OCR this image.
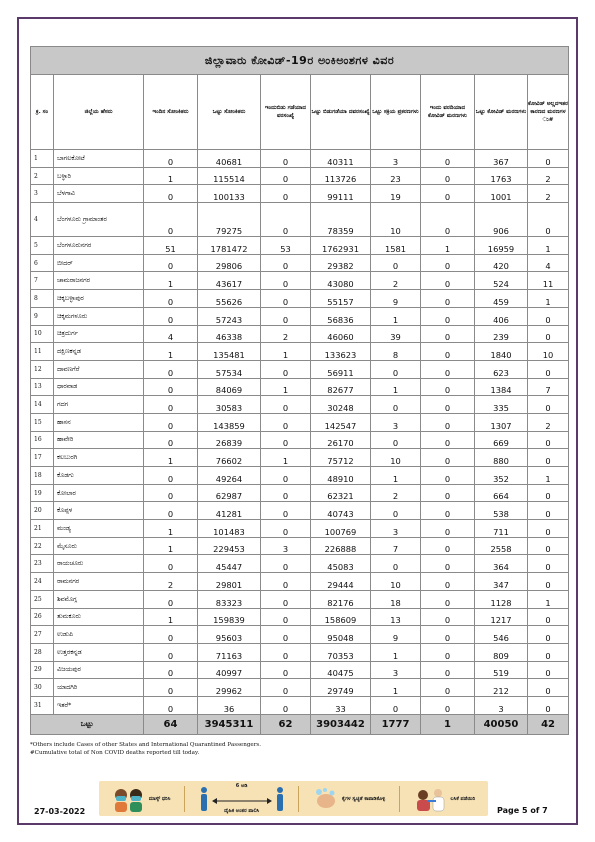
ಜಿಲ್ಲಾವಾರು ಕೋವಿಡ್-19ರ ಅಂಕಿಅಂಶಗಳ ವಿವರ									
ಕ್ರ. ಸಂ	ಜಿಲ್ಲೆಯ ಹೆಸರು	ಇಂದಿನ ಸೋಂಕಿತರು	ಒಟ್ಟು ಸೋಂಕಿತರು	ಇಂದುಬಿಡು ಗಡೆಯಾದ ವರಸಂಖ್ಯೆ	ಒಟ್ಟು ಬಿಡುಗಡೆಯಾ ದವರಸಂಖ್ಯೆ	ಒಟ್ಟು ಸಕ್ರಿಯ ಪ್ರಕರಣಗಳು	ಇಂದು ವರದಿಯಾದ ಕೋವಿಡ್ ಮರಣಗಳು	ಒಟ್ಟು ಕೋವಿಡ್ ಮರಣಗಳು	ಕೋವಿಡ್ ಅಲ್ಲದಇತರ ಕಾರಣದ ಮರಣಗಳ ು#
1	ಬಾಗಲಕೋಟೆ	0	40681	0	40311	3	0	367	0
2	ಬಳ್ಳಾರಿ	1	115514	0	113726	23	0	1763	2
3	ಬೆಳಗಾವಿ	0	100133	0	99111	19	0	1001	2
4	ಬೆಂಗಳೂರು ಗ್ರಾಮಾಂತರ	0	79275	0	78359	10	0	906	0
5	ಬೆಂಗಳೂರುನಗರ	51	1781472	53	1762931	1581	1	16959	1
6	ಬೀದರ್	0	29806	0	29382	0	0	420	4
7	ಚಾಮರಾಜನಗರ	1	43617	0	43080	2	0	524	11
8	ಚಿಕ್ಕಬಳ್ಳಾಪುರ	0	55626	0	55157	9	0	459	1
9	ಚಿಕ್ಕಮಗಳೂರು	0	57243	0	56836	1	0	406	0
10	ಚಿತ್ರದುರ್ಗ	4	46338	2	46060	39	0	239	0
11	ದಕ್ಷಿಣಕನ್ನಡ	1	135481	1	133623	8	0	1840	10
12	ದಾವಣಗೆರೆ	0	57534	0	56911	0	0	623	0
13	ಧಾರವಾಡ	0	84069	1	82677	1	0	1384	7
14	ಗದಗ	0	30583	0	30248	0	0	335	0
15	ಹಾಸನ	0	143859	0	142547	3	0	1307	2
16	ಹಾವೇರಿ	0	26839	0	26170	0	0	669	0
17	ಕಲಬುರಗಿ	1	76602	1	75712	10	0	880	0
18	ಕೊಡಗು	0	49264	0	48910	1	0	352	1
19	ಕೋಲಾರ	0	62987	0	62321	2	0	664	0
20	ಕೊಪ್ಪಳ	0	41281	0	40743	0	0	538	0
21	ಮಂಡ್ಯ	1	101483	0	100769	3	0	711	0
22	ಮೈಸೂರು	1	229453	3	226888	7	0	2558	0
23	ರಾಯಚೂರು	0	45447	0	45083	0	0	364	0
24	ರಾಮನಗರ	2	29801	0	29444	10	0	347	0
25	ಶಿವಮೊಗ್ಗ	0	83323	0	82176	18	0	1128	1
26	ತುಮಕೂರು	1	159839	0	158609	13	0	1217	0
27	ಉಡುಪಿ	0	95603	0	95048	9	0	546	0
28	ಉತ್ತರಕನ್ನಡ	0	71163	0	70353	1	0	809	0
29	ವಿಜಯಪುರ	0	40997	0	40475	3	0	519	0
30	ಯಾದಗಿರಿ	0	29962	0	29749	1	0	212	0
31	ಇತರೆ*	0	36	0	33	0	0	3	0
ಒಟ್ಟು		64	3945311	62	3903442	1777	1	40050	42
*Others include Cases of other States and International Quarantined Passengers.
#Cumulative total of Non COVID deaths reported till today.
ಮಾಸ್ಕ್ ಧರಿಸಿ
6 ಅಡಿ
ದೈಹಿಕ ಅಂತರ ಪಾಲಿಸಿ
ಕೈಗಳ ಸ್ವಚ್ಛತೆ ಕಾಪಾಡಿಕೊಳ್ಳಿ	ಲಸಿಕೆ ಪಡೆಯಿರಿ
27-03-2022	Page 5 of 7
